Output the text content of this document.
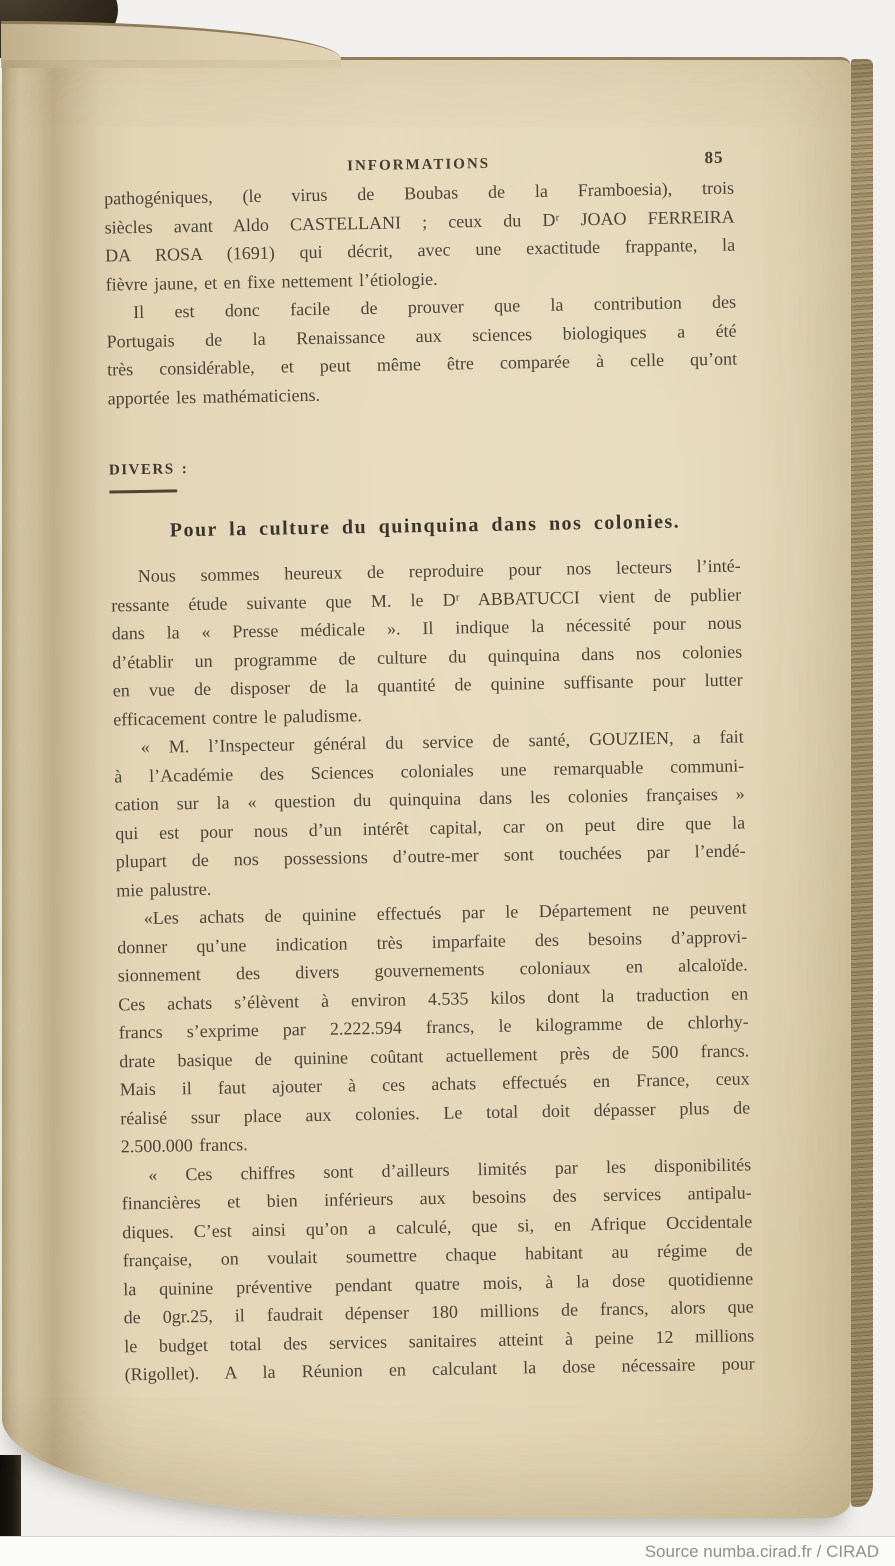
INFORMATIONS	85
pathogéniques, (le virus de Boubas de la Framboesia), trois
siècles avant Aldo CASTELLANI ; ceux du Dʳ JOAO FERREIRA
DA ROSA (1691) qui décrit, avec une exactitude frappante, la
fièvre jaune, et en fixe nettement l’étiologie.
Il est donc facile de prouver que la contribution des
Portugais de la Renaissance aux sciences biologiques a été
très considérable, et peut même être comparée à celle qu’ont
apportée les mathématiciens.
DIVERS :
Pour la culture du quinquina dans nos colonies.
Nous sommes heureux de reproduire pour nos lecteurs l’inté-
ressante étude suivante que M. le Dʳ ABBATUCCI vient de publier
dans la « Presse médicale ». Il indique la nécessité pour nous
d’établir un programme de culture du quinquina dans nos colonies
en vue de disposer de la quantité de quinine suffisante pour lutter
efficacement contre le paludisme.
« M. l’Inspecteur général du service de santé, GOUZIEN, a fait
à l’Académie des Sciences coloniales une remarquable communi-
cation sur la « question du quinquina dans les colonies françaises »
qui est pour nous d’un intérêt capital, car on peut dire que la
plupart de nos possessions d’outre-mer sont touchées par l’endé-
mie palustre.
«Les achats de quinine effectués par le Département ne peuvent
donner qu’une indication très imparfaite des besoins d’approvi-
sionnement des divers gouvernements coloniaux en alcaloïde.
Ces achats s’élèvent à environ 4.535 kilos dont la traduction en
francs s’exprime par 2.222.594 francs, le kilogramme de chlorhy-
drate basique de quinine coûtant actuellement près de 500 francs.
Mais il faut ajouter à ces achats effectués en France, ceux
réalisé ssur place aux colonies. Le total doit dépasser plus de
2.500.000 francs.
« Ces chiffres sont d’ailleurs limités par les disponibilités
financières et bien inférieurs aux besoins des services antipalu-
diques. C’est ainsi qu’on a calculé, que si, en Afrique Occidentale
française, on voulait soumettre chaque habitant au régime de
la quinine préventive pendant quatre mois, à la dose quotidienne
de 0gr.25, il faudrait dépenser 180 millions de francs, alors que
le budget total des services sanitaires atteint à peine 12 millions
(Rigollet). A la Réunion en calculant la dose nécessaire pour
Source numba.cirad.fr / CIRAD
